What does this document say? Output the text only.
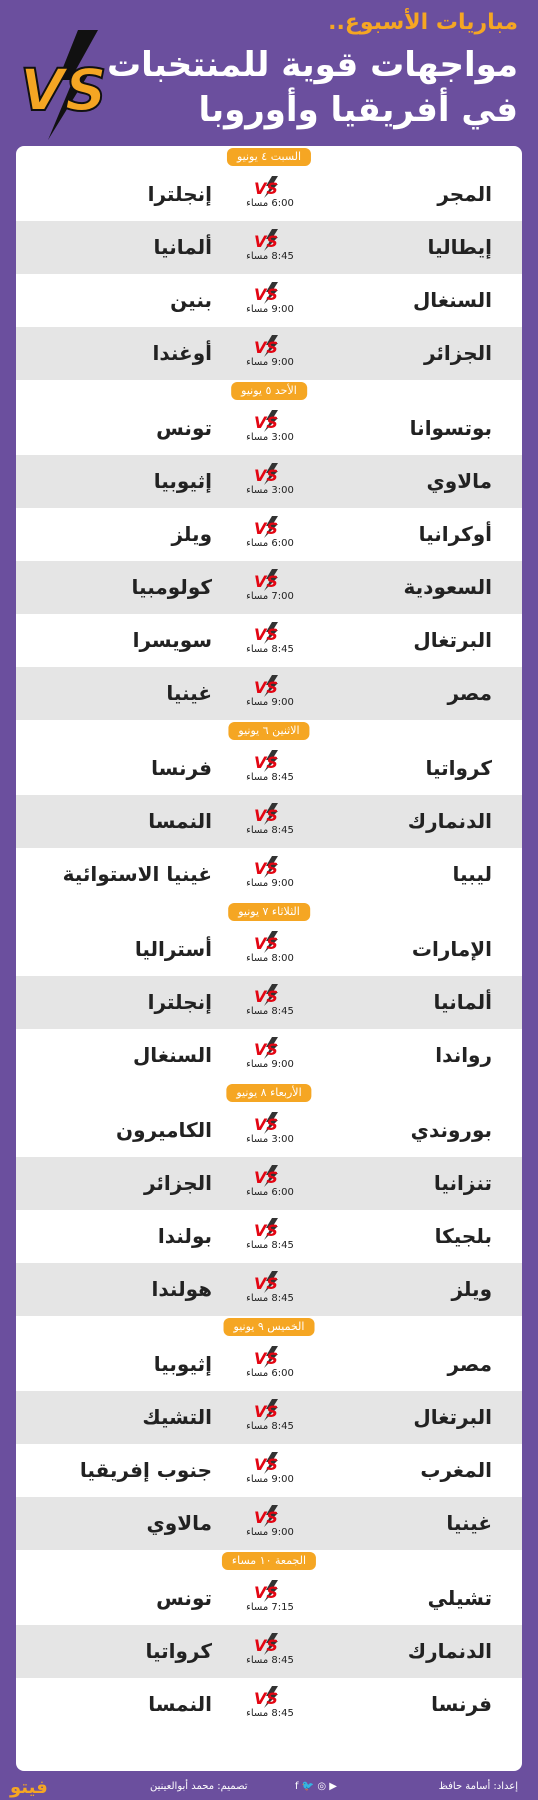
VS
مباريات الأسبوع..
مواجهات قوية للمنتخبات
في أفريقيا وأوروبا
السبت ٤ يونيو
المجر
VS
6:00 مساء
إنجلترا
إيطاليا
VS
8:45 مساء
ألمانيا
السنغال
VS
9:00 مساء
بنين
الجزائر
VS
9:00 مساء
أوغندا
الأحد ٥ يونيو
بوتسوانا
VS
3:00 مساء
تونس
مالاوي
VS
3:00 مساء
إثيوبيا
أوكرانيا
VS
6:00 مساء
ويلز
السعودية
VS
7:00 مساء
كولومبيا
البرتغال
VS
8:45 مساء
سويسرا
مصر
VS
9:00 مساء
غينيا
الاثنين ٦ يونيو
كرواتيا
VS
8:45 مساء
فرنسا
الدنمارك
VS
8:45 مساء
النمسا
ليبيا
VS
9:00 مساء
غينيا الاستوائية
الثلاثاء ٧ يونيو
الإمارات
VS
8:00 مساء
أستراليا
ألمانيا
VS
8:45 مساء
إنجلترا
رواندا
VS
9:00 مساء
السنغال
الأربعاء ٨ يونيو
بوروندي
VS
3:00 مساء
الكاميرون
تنزانيا
VS
6:00 مساء
الجزائر
بلجيكا
VS
8:45 مساء
بولندا
ويلز
VS
8:45 مساء
هولندا
الخميس ٩ يونيو
مصر
VS
6:00 مساء
إثيوبيا
البرتغال
VS
8:45 مساء
التشيك
المغرب
VS
9:00 مساء
جنوب إفريقيا
غينيا
VS
9:00 مساء
مالاوي
الجمعة ١٠ مساء
تشيلي
VS
7:15 مساء
تونس
الدنمارك
VS
8:45 مساء
كرواتيا
فرنسا
VS
8:45 مساء
النمسا
فيتو	تصميم: محمد أبوالعينين	f 🐦 ◎ ▶	إعداد: أسامة حافظ
